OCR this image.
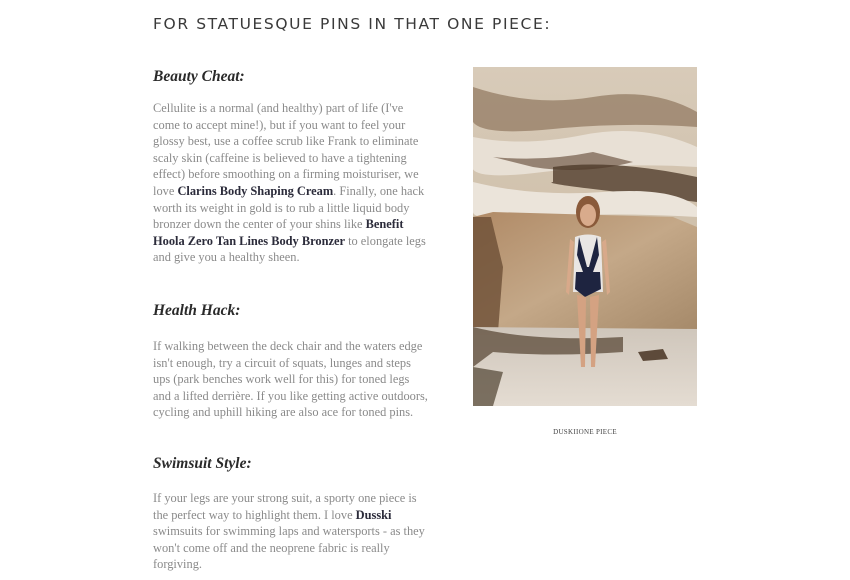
FOR STATUESQUE PINS IN THAT ONE PIECE:
Beauty Cheat:

Cellulite is a normal (and healthy) part of life (I've come to accept mine!), but if you want to feel your glossy best, use a coffee scrub like Frank to eliminate scaly skin (caffeine is believed to have a tightening effect) before smoothing on a firming moisturiser, we love Clarins Body Shaping Cream. Finally, one hack worth its weight in gold is to rub a little liquid body bronzer down the center of your shins like Benefit Hoola Zero Tan Lines Body Bronzer to elongate legs and give you a healthy sheen.

Health Hack:

If walking between the deck chair and the waters edge isn't enough, try a circuit of squats, lunges and steps ups (park benches work well for this) for toned legs and a lifted derrière. If you like getting active outdoors, cycling and uphill hiking are also ace for toned pins.

Swimsuit Style:

If your legs are your strong suit, a sporty one piece is the perfect way to highlight them. I love Dusski swimsuits for swimming laps and watersports - as they won't come off and the neoprene fabric is really forgiving.

DUSKIIONE PIECE
